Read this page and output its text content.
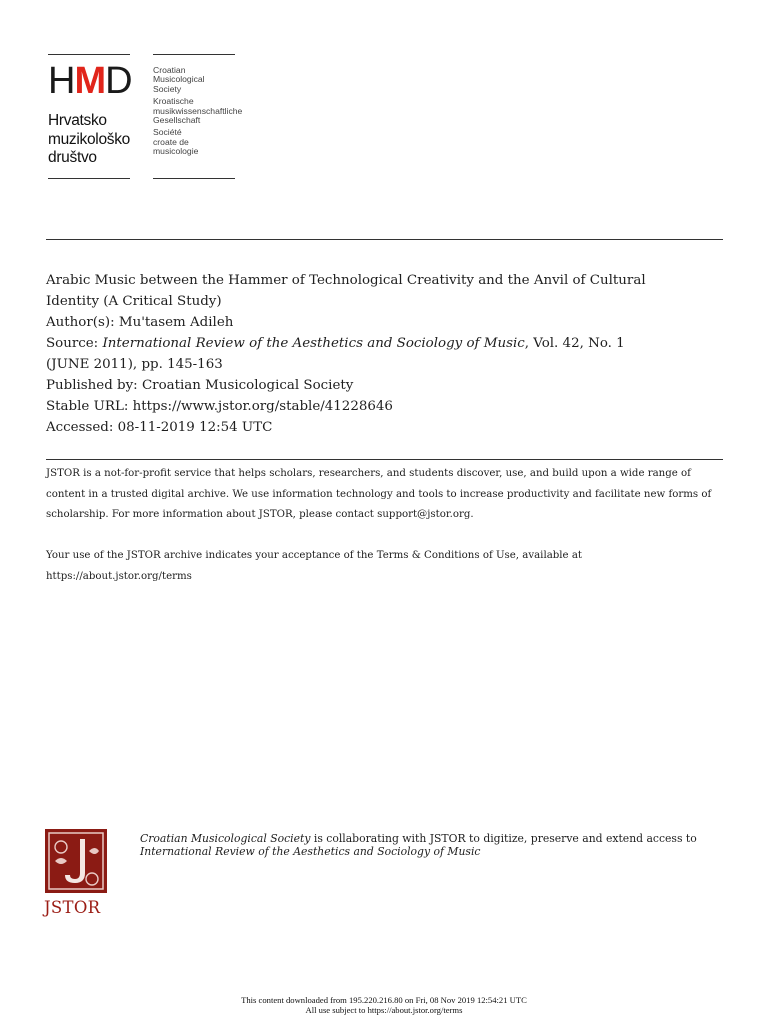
HMD
Hrvatsko
muzikološko
društvo
Croatian
Musicological
Society
Kroatische
musikwissenschaftliche
Gesellschaft
Société
croate de
musicologie
Arabic Music between the Hammer of Technological Creativity and the Anvil of Cultural
Identity (A Critical Study)
Author(s): Mu'tasem Adileh
Source: International Review of the Aesthetics and Sociology of Music, Vol. 42, No. 1
(JUNE 2011), pp. 145-163
Published by: Croatian Musicological Society
Stable URL: https://www.jstor.org/stable/41228646
Accessed: 08-11-2019 12:54 UTC
JSTOR is a not-for-profit service that helps scholars, researchers, and students discover, use, and build upon a wide range of content in a trusted digital archive. We use information technology and tools to increase productivity and facilitate new forms of scholarship. For more information about JSTOR, please contact support@jstor.org.
Your use of the JSTOR archive indicates your acceptance of the Terms & Conditions of Use, available at https://about.jstor.org/terms
JSTOR
Croatian Musicological Society is collaborating with JSTOR to digitize, preserve and extend access to International Review of the Aesthetics and Sociology of Music
This content downloaded from 195.220.216.80 on Fri, 08 Nov 2019 12:54:21 UTC
All use subject to https://about.jstor.org/terms
